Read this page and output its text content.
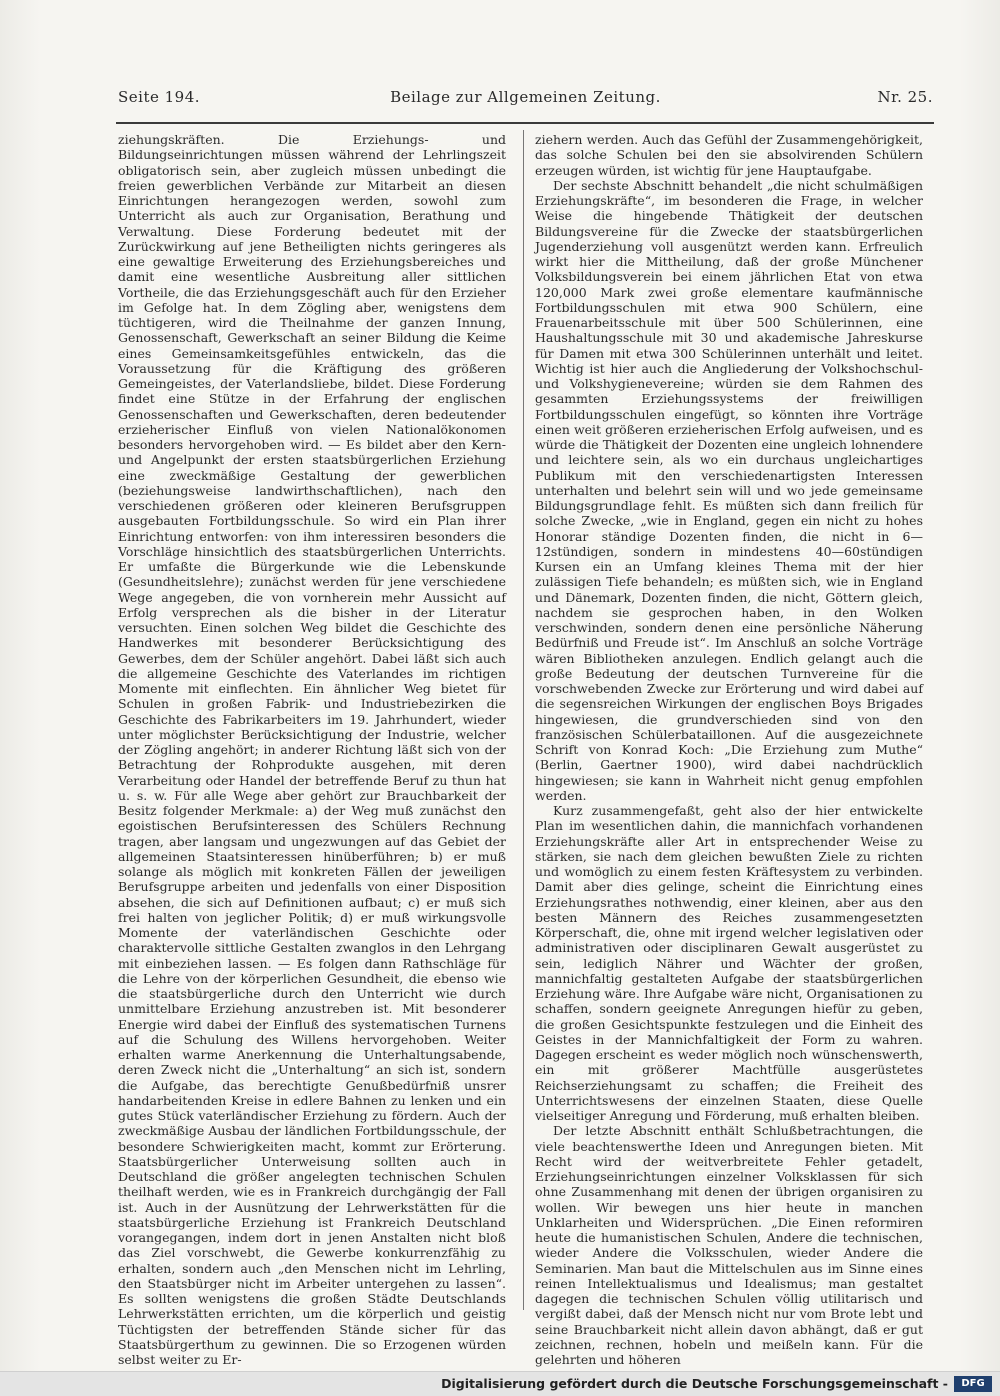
Seite 194.	Beilage zur Allgemeinen Zeitung.	Nr. 25.

ziehungskräften. Die Erziehungs- und Bildungseinrichtungen müssen während der Lehrlingszeit obligatorisch sein, aber zugleich müssen unbedingt die freien gewerblichen Verbände zur Mitarbeit an diesen Einrichtungen herangezogen werden, sowohl zum Unterricht als auch zur Organisation, Berathung und Verwaltung. Diese Forderung bedeutet mit der Zurückwirkung auf jene Betheiligten nichts geringeres als eine gewaltige Erweiterung des Erziehungsbereiches und damit eine wesentliche Ausbreitung aller sittlichen Vortheile, die das Erziehungsgeschäft auch für den Erzieher im Gefolge hat. In dem Zögling aber, wenigstens dem tüchtigeren, wird die Theilnahme der ganzen Innung, Genossenschaft, Gewerkschaft an seiner Bildung die Keime eines Gemeinsamkeitsgefühles entwickeln, das die Voraussetzung für die Kräftigung des größeren Gemeingeistes, der Vaterlandsliebe, bildet. Diese Forderung findet eine Stütze in der Erfahrung der englischen Genossenschaften und Gewerkschaften, deren bedeutender erzieherischer Einfluß von vielen Nationalökonomen besonders hervorgehoben wird. — Es bildet aber den Kern- und Angelpunkt der ersten staatsbürgerlichen Erziehung eine zweckmäßige Gestaltung der gewerblichen (beziehungsweise landwirthschaftlichen), nach den verschiedenen größeren oder kleineren Berufsgruppen ausgebauten Fortbildungsschule. So wird ein Plan ihrer Einrichtung entworfen: von ihm interessiren besonders die Vorschläge hinsichtlich des staatsbürgerlichen Unterrichts. Er umfaßte die Bürgerkunde wie die Lebenskunde (Gesundheitslehre); zunächst werden für jene verschiedene Wege angegeben, die von vornherein mehr Aussicht auf Erfolg versprechen als die bisher in der Literatur versuchten. Einen solchen Weg bildet die Geschichte des Handwerkes mit besonderer Berücksichtigung des Gewerbes, dem der Schüler angehört. Dabei läßt sich auch die allgemeine Geschichte des Vaterlandes im richtigen Momente mit einflechten. Ein ähnlicher Weg bietet für Schulen in großen Fabrik- und Industriebezirken die Geschichte des Fabrikarbeiters im 19. Jahrhundert, wieder unter möglichster Berücksichtigung der Industrie, welcher der Zögling angehört; in anderer Richtung läßt sich von der Betrachtung der Rohprodukte ausgehen, mit deren Verarbeitung oder Handel der betreffende Beruf zu thun hat u. s. w. Für alle Wege aber gehört zur Brauchbarkeit der Besitz folgender Merkmale: a) der Weg muß zunächst den egoistischen Berufsinteressen des Schülers Rechnung tragen, aber langsam und ungezwungen auf das Gebiet der allgemeinen Staatsinteressen hinüberführen; b) er muß solange als möglich mit konkreten Fällen der jeweiligen Berufsgruppe arbeiten und jedenfalls von einer Disposition absehen, die sich auf Definitionen aufbaut; c) er muß sich frei halten von jeglicher Politik; d) er muß wirkungsvolle Momente der vaterländischen Geschichte oder charaktervolle sittliche Gestalten zwanglos in den Lehrgang mit einbeziehen lassen. — Es folgen dann Rathschläge für die Lehre von der körperlichen Gesundheit, die ebenso wie die staatsbürgerliche durch den Unterricht wie durch unmittelbare Erziehung anzustreben ist. Mit besonderer Energie wird dabei der Einfluß des systematischen Turnens auf die Schulung des Willens hervorgehoben. Weiter erhalten warme Anerkennung die Unterhaltungsabende, deren Zweck nicht die „Unterhaltung“ an sich ist, sondern die Aufgabe, das berechtigte Genußbedürfniß unsrer handarbeitenden Kreise in edlere Bahnen zu lenken und ein gutes Stück vaterländischer Erziehung zu fördern. Auch der zweckmäßige Ausbau der ländlichen Fortbildungsschule, der besondere Schwierigkeiten macht, kommt zur Erörterung. Staatsbürgerlicher Unterweisung sollten auch in Deutschland die größer angelegten technischen Schulen theilhaft werden, wie es in Frankreich durchgängig der Fall ist. Auch in der Ausnützung der Lehrwerkstätten für die staatsbürgerliche Erziehung ist Frankreich Deutschland vorangegangen, indem dort in jenen Anstalten nicht bloß das Ziel vorschwebt, die Gewerbe konkurrenzfähig zu erhalten, sondern auch „den Menschen nicht im Lehrling, den Staatsbürger nicht im Arbeiter untergehen zu lassen“. Es sollten wenigstens die großen Städte Deutschlands Lehrwerkstätten errichten, um die körperlich und geistig Tüchtigsten der betreffenden Stände sicher für das Staatsbürgerthum zu gewinnen. Die so Erzogenen würden selbst weiter zu Er-

ziehern werden. Auch das Gefühl der Zusammengehörigkeit, das solche Schulen bei den sie absolvirenden Schülern erzeugen würden, ist wichtig für jene Hauptaufgabe.

Der sechste Abschnitt behandelt „die nicht schulmäßigen Erziehungskräfte“, im besonderen die Frage, in welcher Weise die hingebende Thätigkeit der deutschen Bildungsvereine für die Zwecke der staatsbürgerlichen Jugenderziehung voll ausgenützt werden kann. Erfreulich wirkt hier die Mittheilung, daß der große Münchener Volksbildungsverein bei einem jährlichen Etat von etwa 120,000 Mark zwei große elementare kaufmännische Fortbildungsschulen mit etwa 900 Schülern, eine Frauenarbeitsschule mit über 500 Schülerinnen, eine Haushaltungsschule mit 30 und akademische Jahreskurse für Damen mit etwa 300 Schülerinnen unterhält und leitet. Wichtig ist hier auch die Angliederung der Volkshochschul- und Volkshygienevereine; würden sie dem Rahmen des gesammten Erziehungssystems der freiwilligen Fortbildungsschulen eingefügt, so könnten ihre Vorträge einen weit größeren erzieherischen Erfolg aufweisen, und es würde die Thätigkeit der Dozenten eine ungleich lohnendere und leichtere sein, als wo ein durchaus ungleichartiges Publikum mit den verschiedenartigsten Interessen unterhalten und belehrt sein will und wo jede gemeinsame Bildungsgrundlage fehlt. Es müßten sich dann freilich für solche Zwecke, „wie in England, gegen ein nicht zu hohes Honorar ständige Dozenten finden, die nicht in 6—12stündigen, sondern in mindestens 40—60stündigen Kursen ein an Umfang kleines Thema mit der hier zulässigen Tiefe behandeln; es müßten sich, wie in England und Dänemark, Dozenten finden, die nicht, Göttern gleich, nachdem sie gesprochen haben, in den Wolken verschwinden, sondern denen eine persönliche Näherung Bedürfniß und Freude ist“. Im Anschluß an solche Vorträge wären Bibliotheken anzulegen. Endlich gelangt auch die große Bedeutung der deutschen Turnvereine für die vorschwebenden Zwecke zur Erörterung und wird dabei auf die segensreichen Wirkungen der englischen Boys Brigades hingewiesen, die grundverschieden sind von den französischen Schülerbataillonen. Auf die ausgezeichnete Schrift von Konrad Koch: „Die Erziehung zum Muthe“ (Berlin, Gaertner 1900), wird dabei nachdrücklich hingewiesen; sie kann in Wahrheit nicht genug empfohlen werden.

Kurz zusammengefaßt, geht also der hier entwickelte Plan im wesentlichen dahin, die mannichfach vorhandenen Erziehungskräfte aller Art in entsprechender Weise zu stärken, sie nach dem gleichen bewußten Ziele zu richten und womöglich zu einem festen Kräftesystem zu verbinden. Damit aber dies gelinge, scheint die Einrichtung eines Erziehungsrathes nothwendig, einer kleinen, aber aus den besten Männern des Reiches zusammengesetzten Körperschaft, die, ohne mit irgend welcher legislativen oder administrativen oder disciplinaren Gewalt ausgerüstet zu sein, lediglich Nährer und Wächter der großen, mannichfaltig gestalteten Aufgabe der staatsbürgerlichen Erziehung wäre. Ihre Aufgabe wäre nicht, Organisationen zu schaffen, sondern geeignete Anregungen hiefür zu geben, die großen Gesichtspunkte festzulegen und die Einheit des Geistes in der Mannichfaltigkeit der Form zu wahren. Dagegen erscheint es weder möglich noch wünschenswerth, ein mit größerer Machtfülle ausgerüstetes Reichserziehungsamt zu schaffen; die Freiheit des Unterrichtswesens der einzelnen Staaten, diese Quelle vielseitiger Anregung und Förderung, muß erhalten bleiben.

Der letzte Abschnitt enthält Schlußbetrachtungen, die viele beachtenswerthe Ideen und Anregungen bieten. Mit Recht wird der weitverbreitete Fehler getadelt, Erziehungseinrichtungen einzelner Volksklassen für sich ohne Zusammenhang mit denen der übrigen organisiren zu wollen. Wir bewegen uns hier heute in manchen Unklarheiten und Widersprüchen. „Die Einen reformiren heute die humanistischen Schulen, Andere die technischen, wieder Andere die Volksschulen, wieder Andere die Seminarien. Man baut die Mittelschulen aus im Sinne eines reinen Intellektualismus und Idealismus; man gestaltet dagegen die technischen Schulen völlig utilitarisch und vergißt dabei, daß der Mensch nicht nur vom Brote lebt und seine Brauchbarkeit nicht allein davon abhängt, daß er gut zeichnen, rechnen, hobeln und meißeln kann. Für die gelehrten und höheren

Digitalisierung gefördert durch die Deutsche Forschungsgemeinschaft -	DFG
